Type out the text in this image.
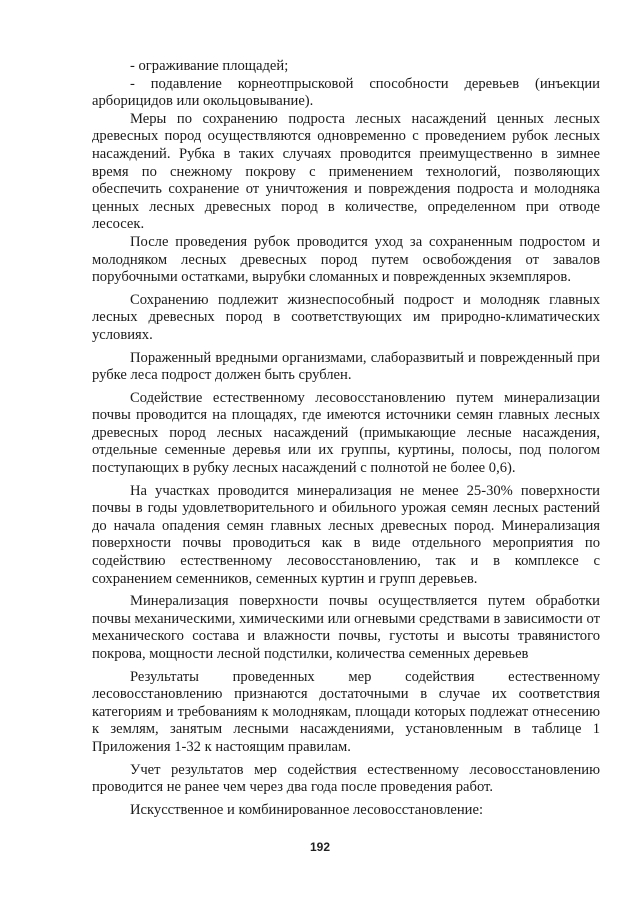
- ограживание площадей;

- подавление корнеотпрысковой способности деревьев (инъекции арборицидов или окольцовывание).

Меры по сохранению подроста лесных насаждений ценных лесных древесных пород осуществляются одновременно с проведением рубок лесных насаждений. Рубка в таких случаях проводится преимущественно в зимнее время по снежному покрову с применением технологий, позволяющих обеспечить сохранение от уничтожения и повреждения подроста и молодняка ценных лесных древесных пород в количестве, определенном при отводе лесосек.

После проведения рубок проводится уход за сохраненным подростом и молодняком лесных древесных пород путем освобождения от завалов порубочными остатками, вырубки сломанных и поврежденных экземпляров.

Сохранению подлежит жизнеспособный подрост и молодняк главных лесных древесных пород в соответствующих им природно-климатических условиях.

Пораженный вредными организмами, слаборазвитый и поврежденный при рубке леса подрост должен быть срублен.

Содействие естественному лесовосстановлению путем минерализации почвы проводится на площадях, где имеются источники семян главных лесных древесных пород лесных насаждений (примыкающие лесные насаждения, отдельные семенные деревья или их группы, куртины, полосы, под пологом поступающих в рубку лесных насаждений с полнотой не более 0,6).

На участках проводится минерализация не менее 25-30% поверхности почвы в годы удовлетворительного и обильного урожая семян лесных растений до начала опадения семян главных лесных древесных пород. Минерализация поверхности почвы проводиться как в виде отдельного мероприятия по содействию естественному лесовосстановлению, так и в комплексе с сохранением семенников, семенных куртин и групп деревьев.

Минерализация поверхности почвы осуществляется путем обработки почвы механическими, химическими или огневыми средствами в зависимости от механического состава и влажности почвы, густоты и высоты травянистого покрова, мощности лесной подстилки, количества семенных деревьев

Результаты проведенных мер содействия естественному лесовосстановлению признаются достаточными в случае их соответствия категориям и требованиям к молоднякам, площади которых подлежат отнесению к землям, занятым лесными насаждениями, установленным в таблице 1 Приложения 1-32 к настоящим правилам.

Учет результатов мер содействия естественному лесовосстановлению проводится не ранее чем через два года после проведения работ.

Искусственное и комбинированное лесовосстановление:

192
